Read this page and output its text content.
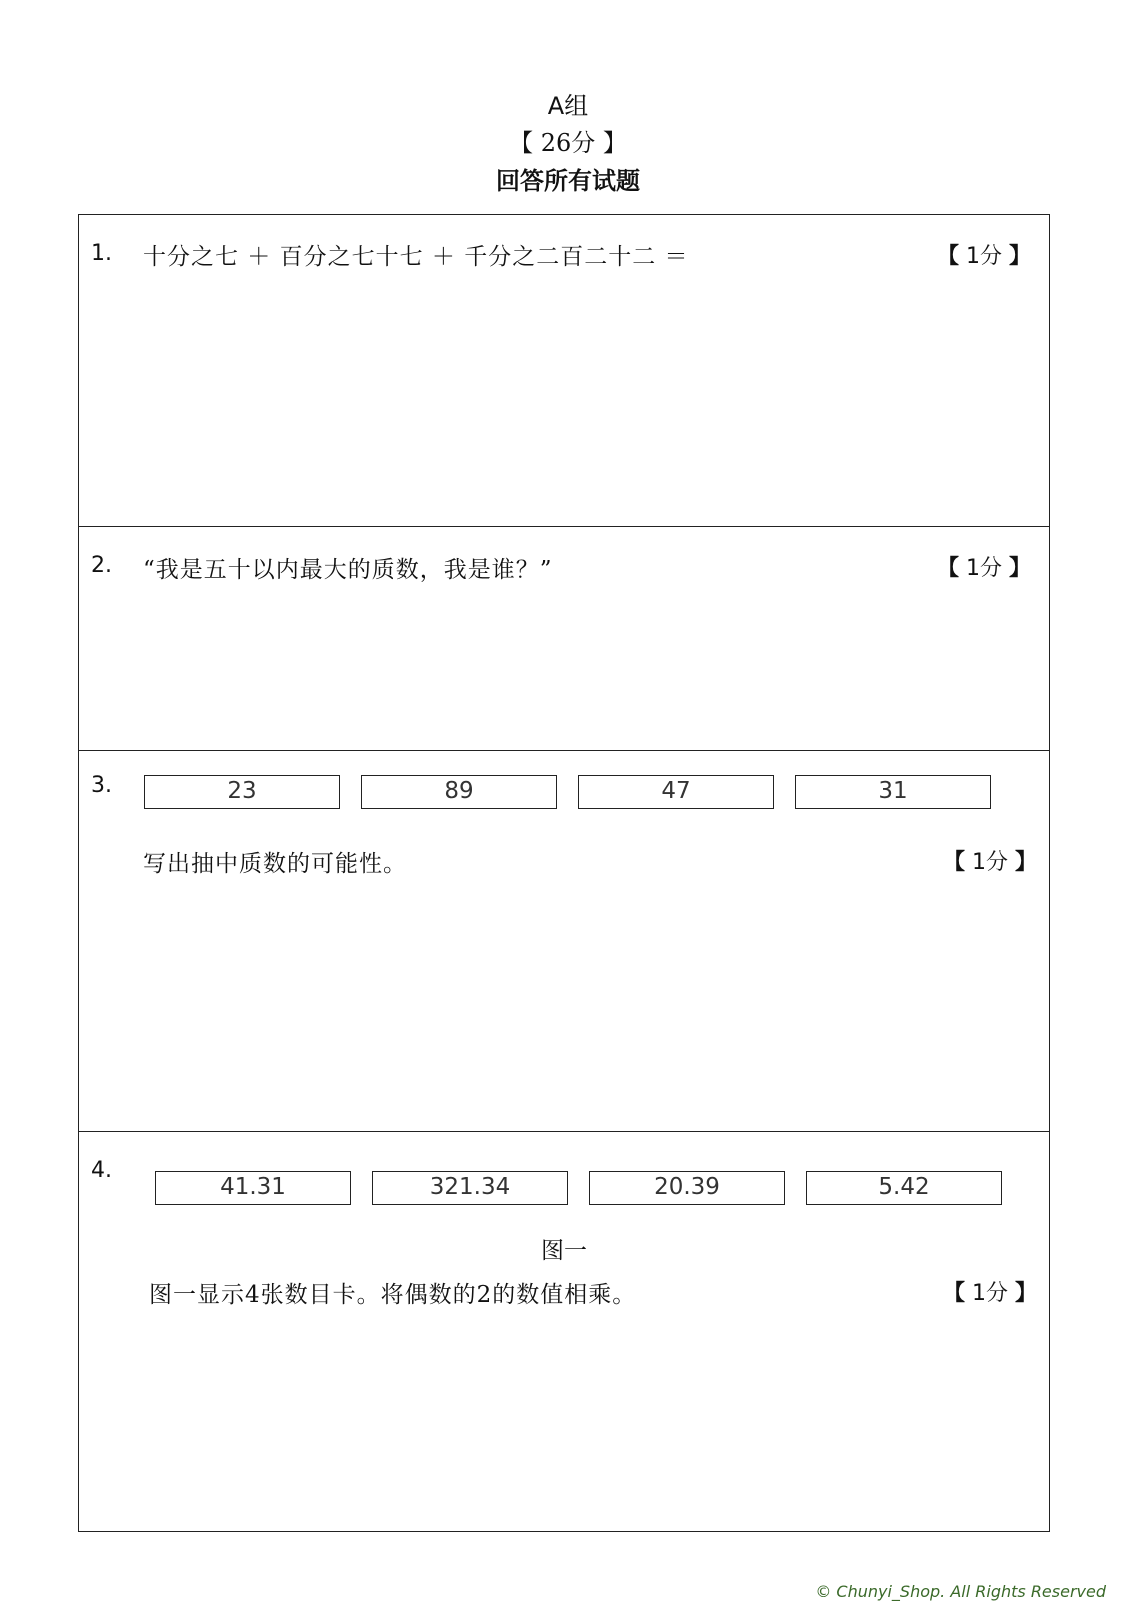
A组
【 26分 】
回答所有试题
1. 十分之七 ＋ 百分之七十七 ＋ 千分之二百二十二 ＝	【 1分 】
2. “我是五十以内最大的质数，我是谁？”	【 1分 】
3.	23	89	47	31
写出抽中质数的可能性。	【 1分 】
4.
41.31	321.34	20.39	5.42
图一
图一显示4张数目卡。将偶数的2的数值相乘。	【 1分 】
© Chunyi_Shop. All Rights Reserved
